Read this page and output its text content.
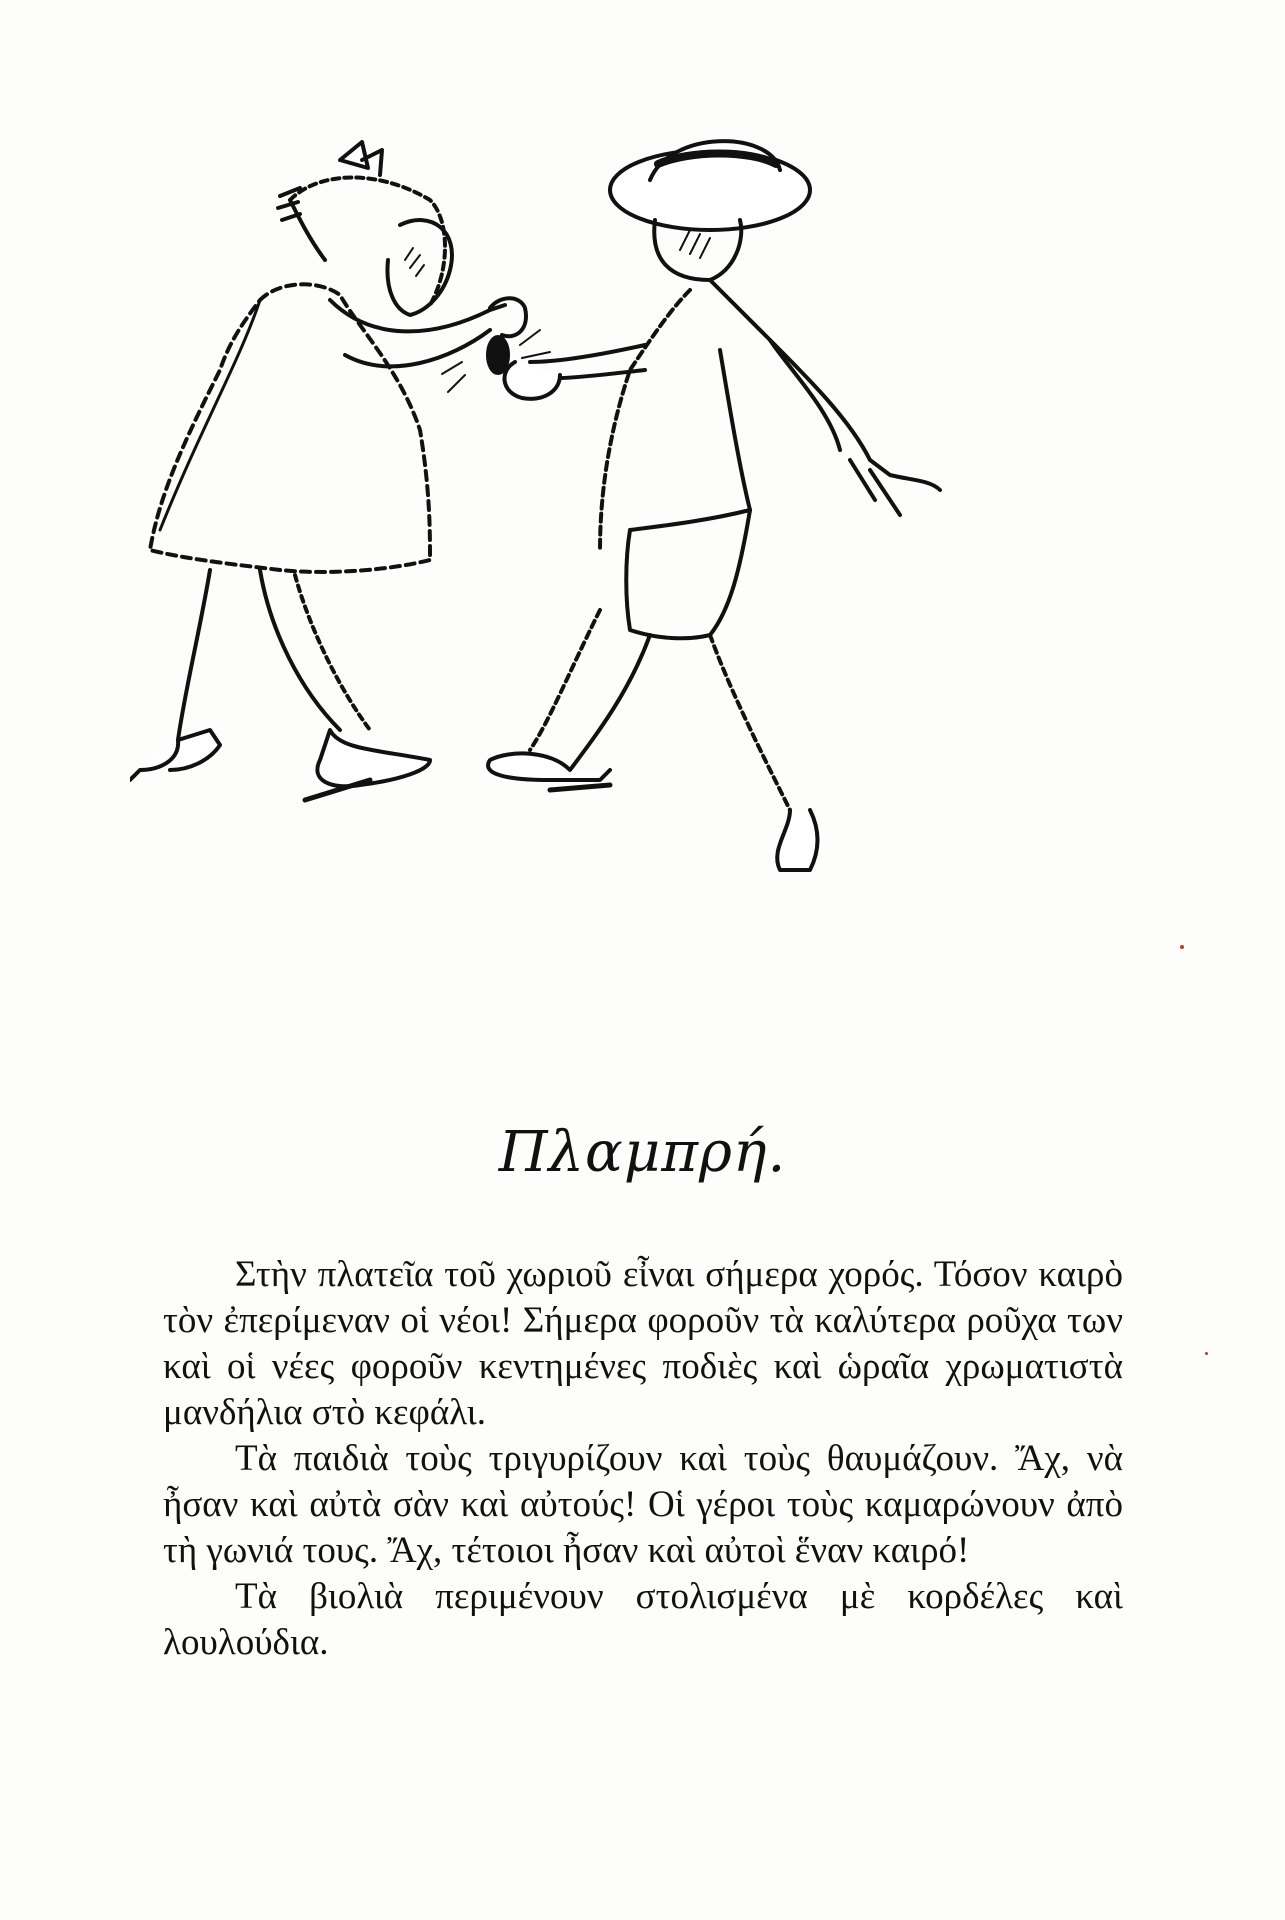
Πλαμπρή.

Στὴν πλατεῖα τοῦ χωριοῦ εἶναι σήμερα χορός. Τόσον καιρὸ τὸν ἐπερίμεναν οἱ νέοι! Σήμερα φοροῦν τὰ καλύτερα ροῦχα των καὶ οἱ νέες φοροῦν κεντημένες ποδιὲς καὶ ὡραῖα χρωματιστὰ μανδήλια στὸ κεφάλι.

Τὰ παιδιὰ τοὺς τριγυρίζουν καὶ τοὺς θαυμάζουν. Ἄχ, νὰ ἦσαν καὶ αὐτὰ σὰν καὶ αὐτούς! Οἱ γέροι τοὺς καμαρώνουν ἀπὸ τὴ γωνιά τους. Ἄχ, τέτοιοι ἦσαν καὶ αὐτοὶ ἕναν καιρό!

Τὰ βιολιὰ περιμένουν στολισμένα μὲ κορδέλες καὶ λουλούδια.
